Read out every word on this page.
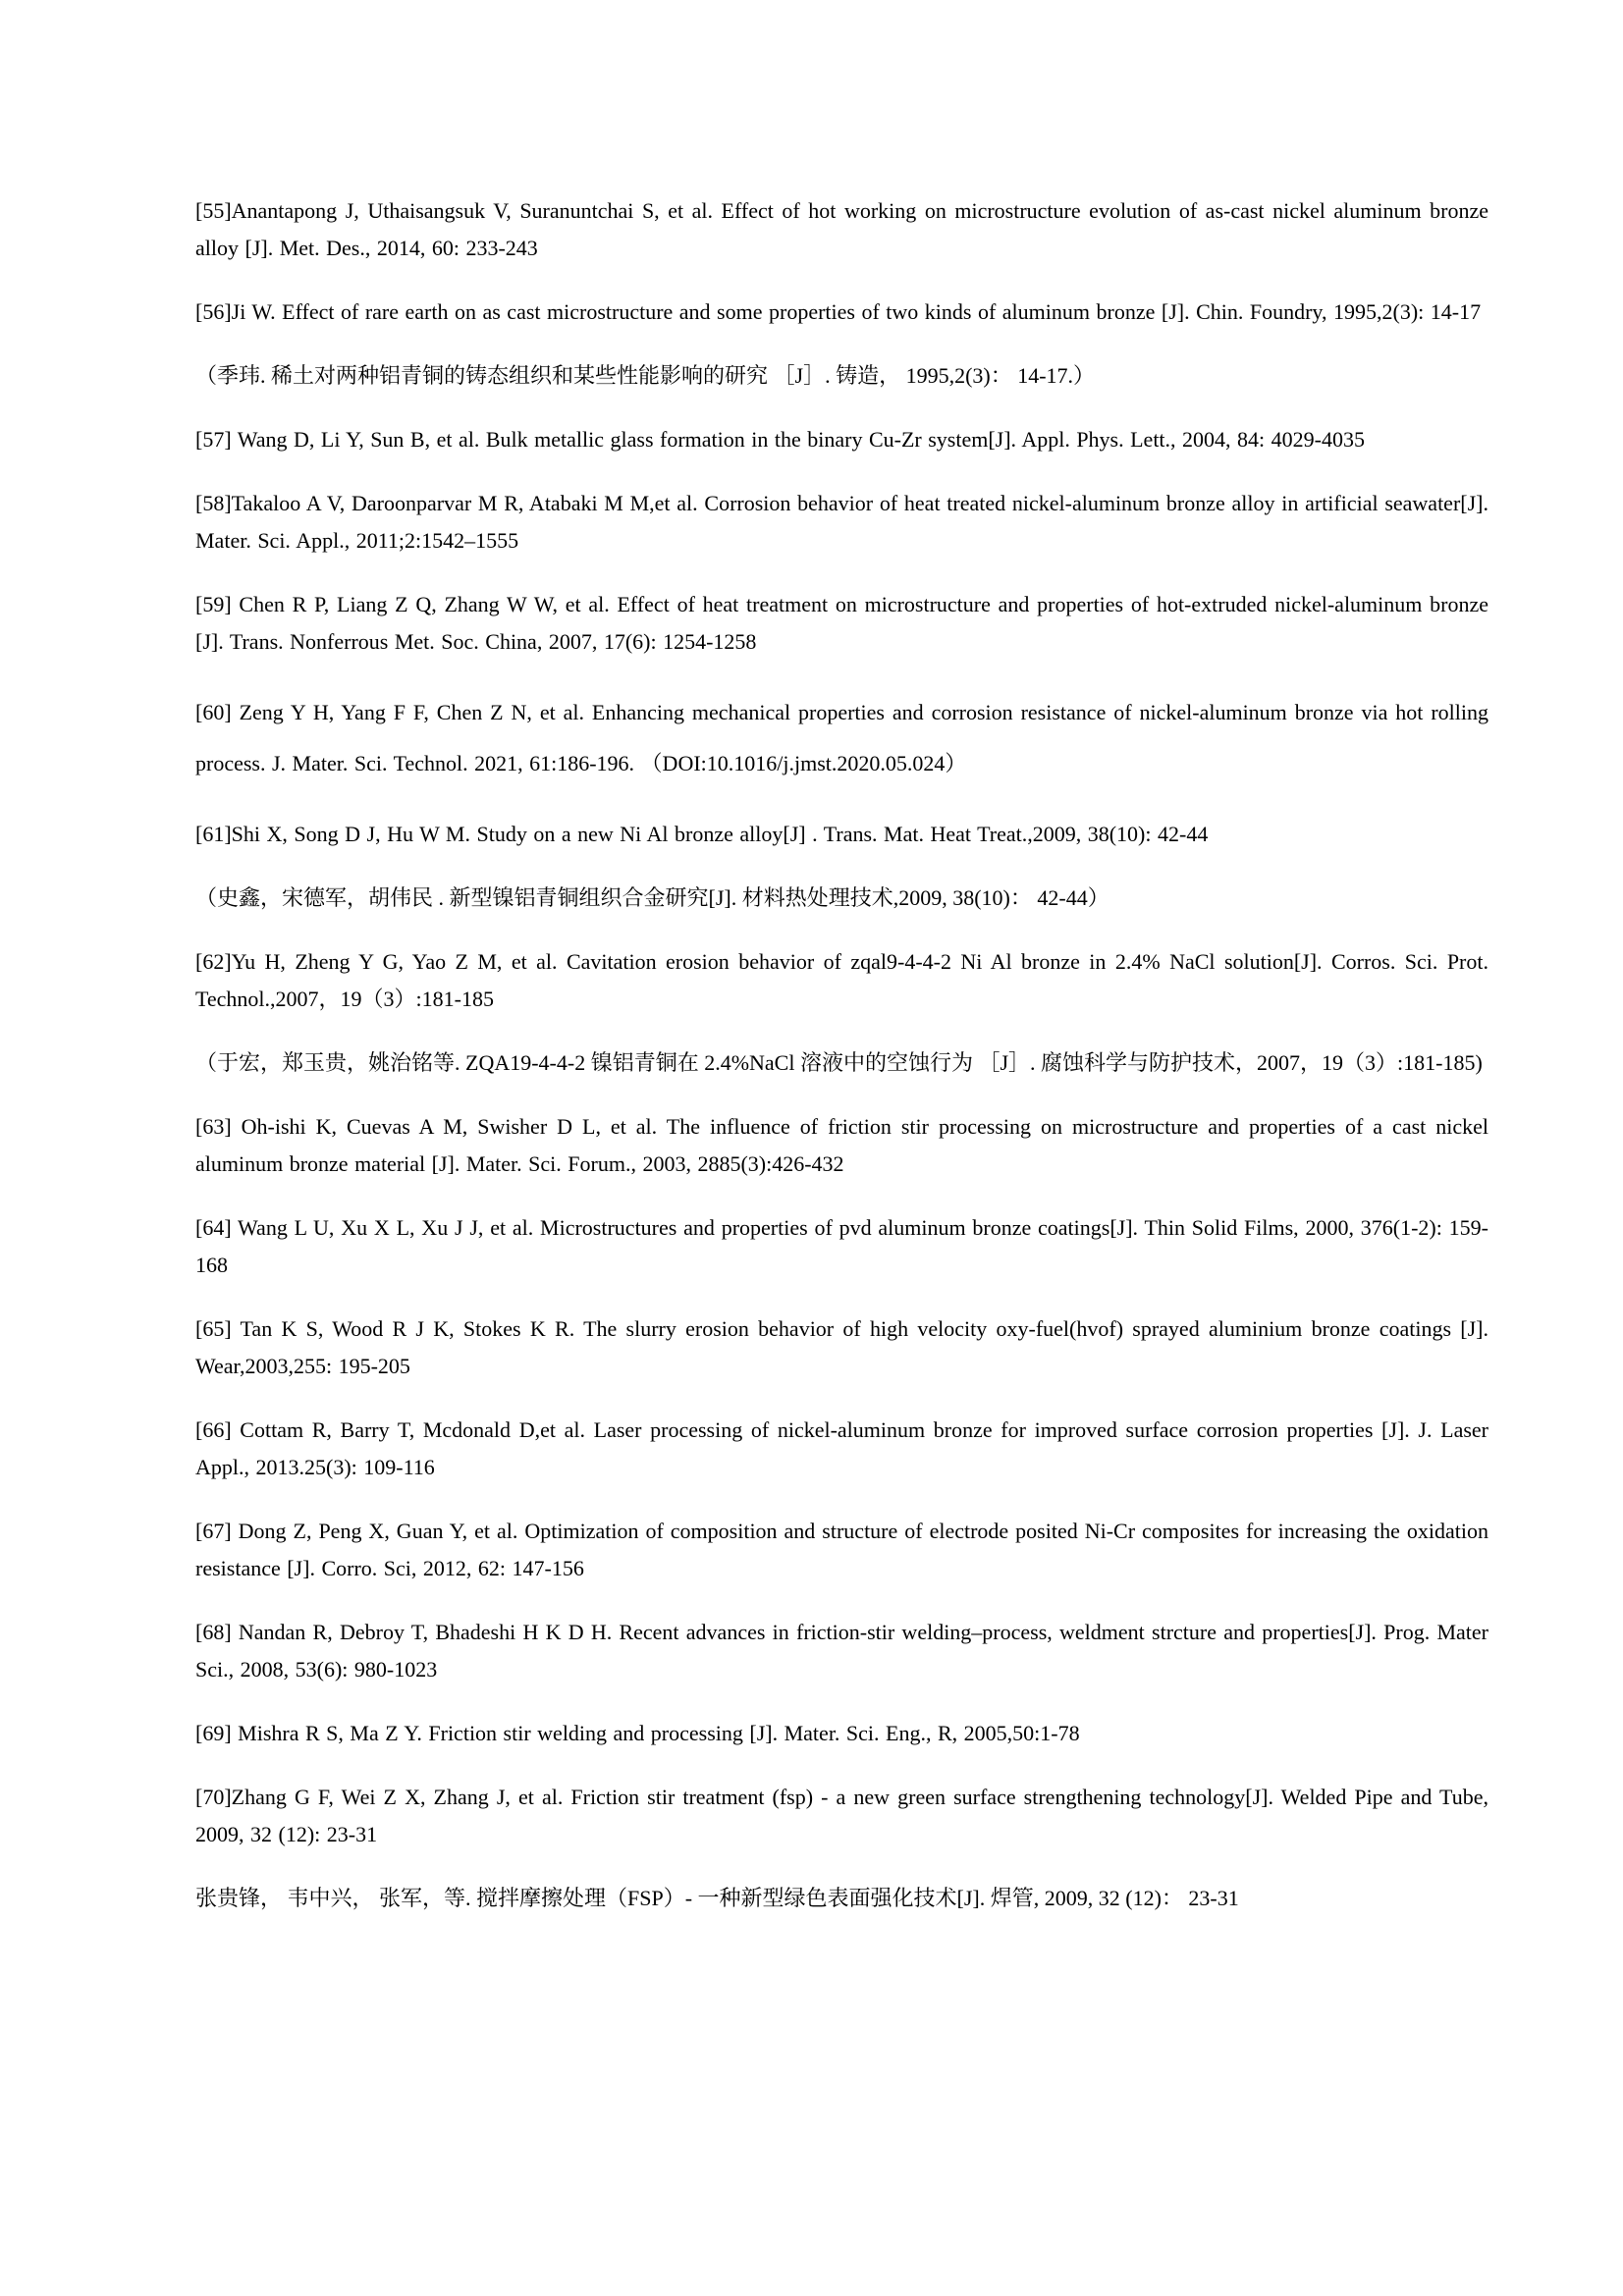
[55]Anantapong J, Uthaisangsuk V, Suranuntchai S, et al. Effect of hot working on microstructure evolution of as-cast nickel aluminum bronze alloy [J]. Met. Des., 2014, 60: 233-243

[56]Ji W. Effect of rare earth on as cast microstructure and some properties of two kinds of aluminum bronze [J]. Chin. Foundry, 1995,2(3): 14-17

（季玮. 稀土对两种铝青铜的铸态组织和某些性能影响的研究 ［J］. 铸造， 1995,2(3)： 14-17.）

[57] Wang D, Li Y, Sun B, et al. Bulk metallic glass formation in the binary Cu-Zr system[J]. Appl. Phys. Lett., 2004, 84: 4029-4035

[58]Takaloo A V, Daroonparvar M R, Atabaki M M,et al. Corrosion behavior of heat treated nickel-aluminum bronze alloy in artificial seawater[J]. Mater. Sci. Appl., 2011;2:1542–1555

[59] Chen R P, Liang Z Q, Zhang W W, et al. Effect of heat treatment on microstructure and properties of hot-extruded nickel-aluminum bronze [J]. Trans. Nonferrous Met. Soc. China, 2007, 17(6): 1254-1258

[60] Zeng Y H, Yang F F, Chen Z N, et al. Enhancing mechanical properties and corrosion resistance of nickel-aluminum bronze via hot rolling process. J. Mater. Sci. Technol. 2021, 61:186-196. （DOI:10.1016/j.jmst.2020.05.024）

[61]Shi X, Song D J, Hu W M. Study on a new Ni Al bronze alloy[J] . Trans. Mat. Heat Treat.,2009, 38(10): 42-44

（史鑫，宋德军，胡伟民 . 新型镍铝青铜组织合金研究[J]. 材料热处理技术,2009, 38(10)： 42-44）

[62]Yu H, Zheng Y G, Yao Z M, et al. Cavitation erosion behavior of zqal9-4-4-2 Ni Al bronze in 2.4% NaCl solution[J]. Corros. Sci. Prot. Technol.,2007，19（3）:181-185

（于宏，郑玉贵，姚治铭等. ZQA19-4-4-2 镍铝青铜在 2.4%NaCl 溶液中的空蚀行为 ［J］. 腐蚀科学与防护技术，2007，19（3）:181-185)

[63] Oh-ishi K, Cuevas A M, Swisher D L, et al. The influence of friction stir processing on microstructure and properties of a cast nickel aluminum bronze material [J]. Mater. Sci. Forum., 2003, 2885(3):426-432

[64] Wang L U, Xu X L, Xu J J, et al. Microstructures and properties of pvd aluminum bronze coatings[J]. Thin Solid Films, 2000, 376(1-2): 159-168

[65] Tan K S, Wood R J K, Stokes K R. The slurry erosion behavior of high velocity oxy-fuel(hvof) sprayed aluminium bronze coatings [J]. Wear,2003,255: 195-205

[66] Cottam R, Barry T, Mcdonald D,et al. Laser processing of nickel-aluminum bronze for improved surface corrosion properties [J]. J. Laser Appl., 2013.25(3): 109-116

[67] Dong Z, Peng X, Guan Y, et al. Optimization of composition and structure of electrode posited Ni-Cr composites for increasing the oxidation resistance [J]. Corro. Sci, 2012, 62: 147-156

[68] Nandan R, Debroy T, Bhadeshi H K D H. Recent advances in friction-stir welding–process, weldment strcture and properties[J]. Prog. Mater Sci., 2008, 53(6): 980-1023

[69] Mishra R S, Ma Z Y. Friction stir welding and processing [J]. Mater. Sci. Eng., R, 2005,50:1-78

[70]Zhang G F, Wei Z X, Zhang J, et al. Friction stir treatment (fsp) - a new green surface strengthening technology[J]. Welded Pipe and Tube, 2009, 32 (12): 23-31

张贵锋， 韦中兴， 张军，等. 搅拌摩擦处理（FSP）- 一种新型绿色表面强化技术[J]. 焊管, 2009, 32 (12)： 23-31
